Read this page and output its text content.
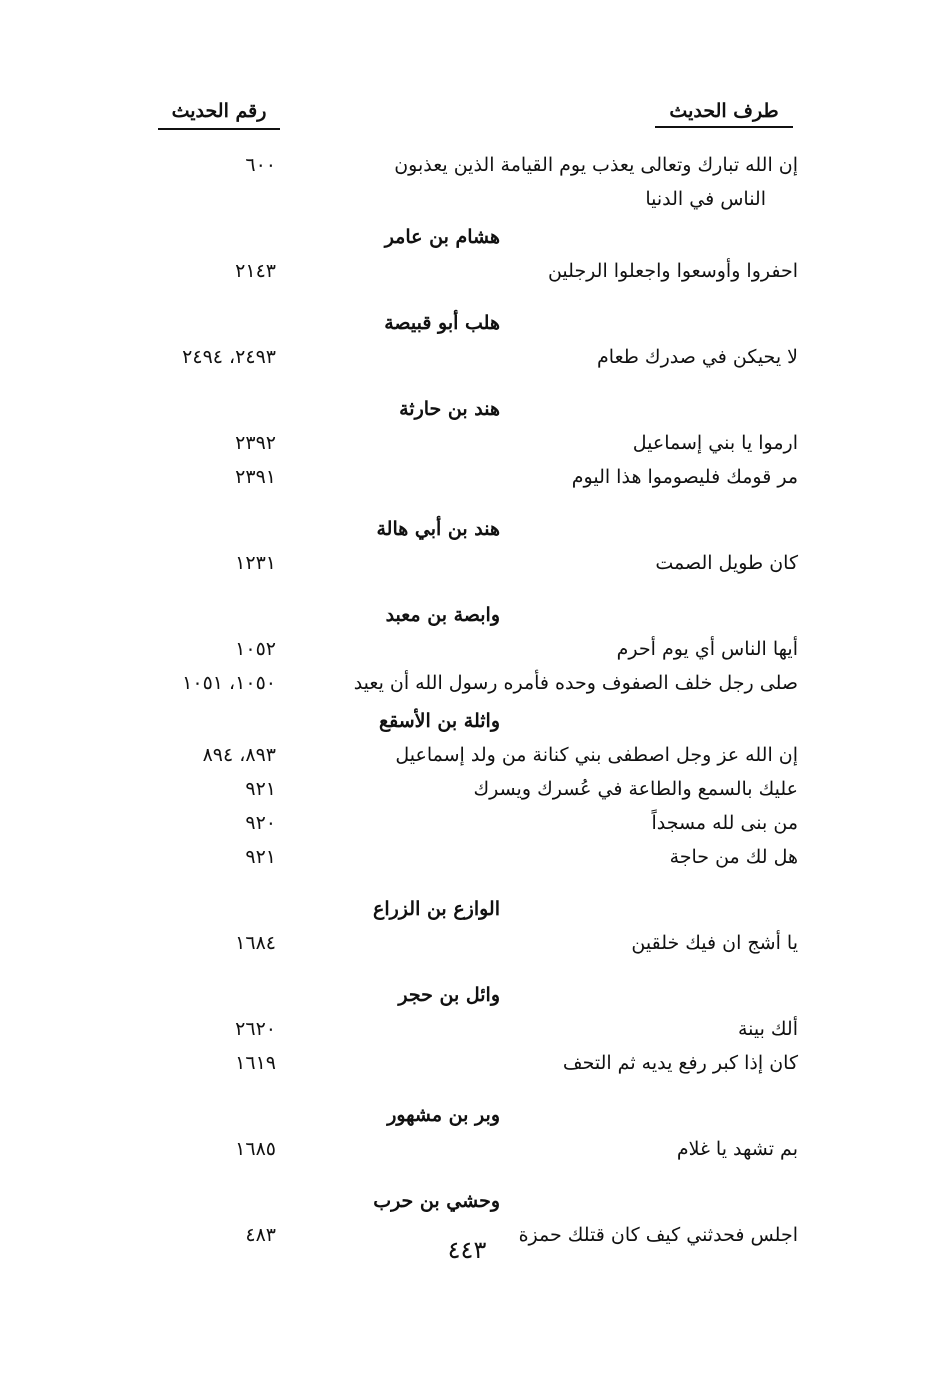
رقم الحديث	طرف الحديث
إن الله تبارك وتعالى يعذب يوم القيامة الذين يعذبون
٦٠٠
الناس في الدنيا
هشام بن عامر
احفروا وأوسعوا واجعلوا الرجلين
٢١٤٣
هلب أبو قبيصة
لا يحيكن في صدرك طعام
٢٤٩٣، ٢٤٩٤
هند بن حارثة
ارموا يا بني إسماعيل
٢٣٩٢
مر قومك فليصوموا هذا اليوم
٢٣٩١
هند بن أبي هالة
كان طويل الصمت
١٢٣١
وابصة بن معبد
أيها الناس أي يوم أحرم
١٠٥٢
صلى رجل خلف الصفوف وحده فأمره رسول الله أن يعيد
١٠٥٠، ١٠٥١
واثلة بن الأسقع
إن الله عز وجل اصطفى بني كنانة من ولد إسماعيل
٨٩٣، ٨٩٤
عليك بالسمع والطاعة في عُسرك ويسرك
٩٢١
من بنى لله مسجداً
٩٢٠
هل لك من حاجة
٩٢١
الوازع بن الزراع
يا أشج ان فيك خلقين
١٦٨٤
وائل بن حجر
ألك بينة
٢٦٢٠
كان إذا كبر رفع يديه ثم التحف
١٦١٩
وبر بن مشهور
بم تشهد يا غلام
١٦٨٥
وحشي بن حرب
اجلس فحدثني كيف كان قتلك حمزة
٤٨٣
٤٤٣
